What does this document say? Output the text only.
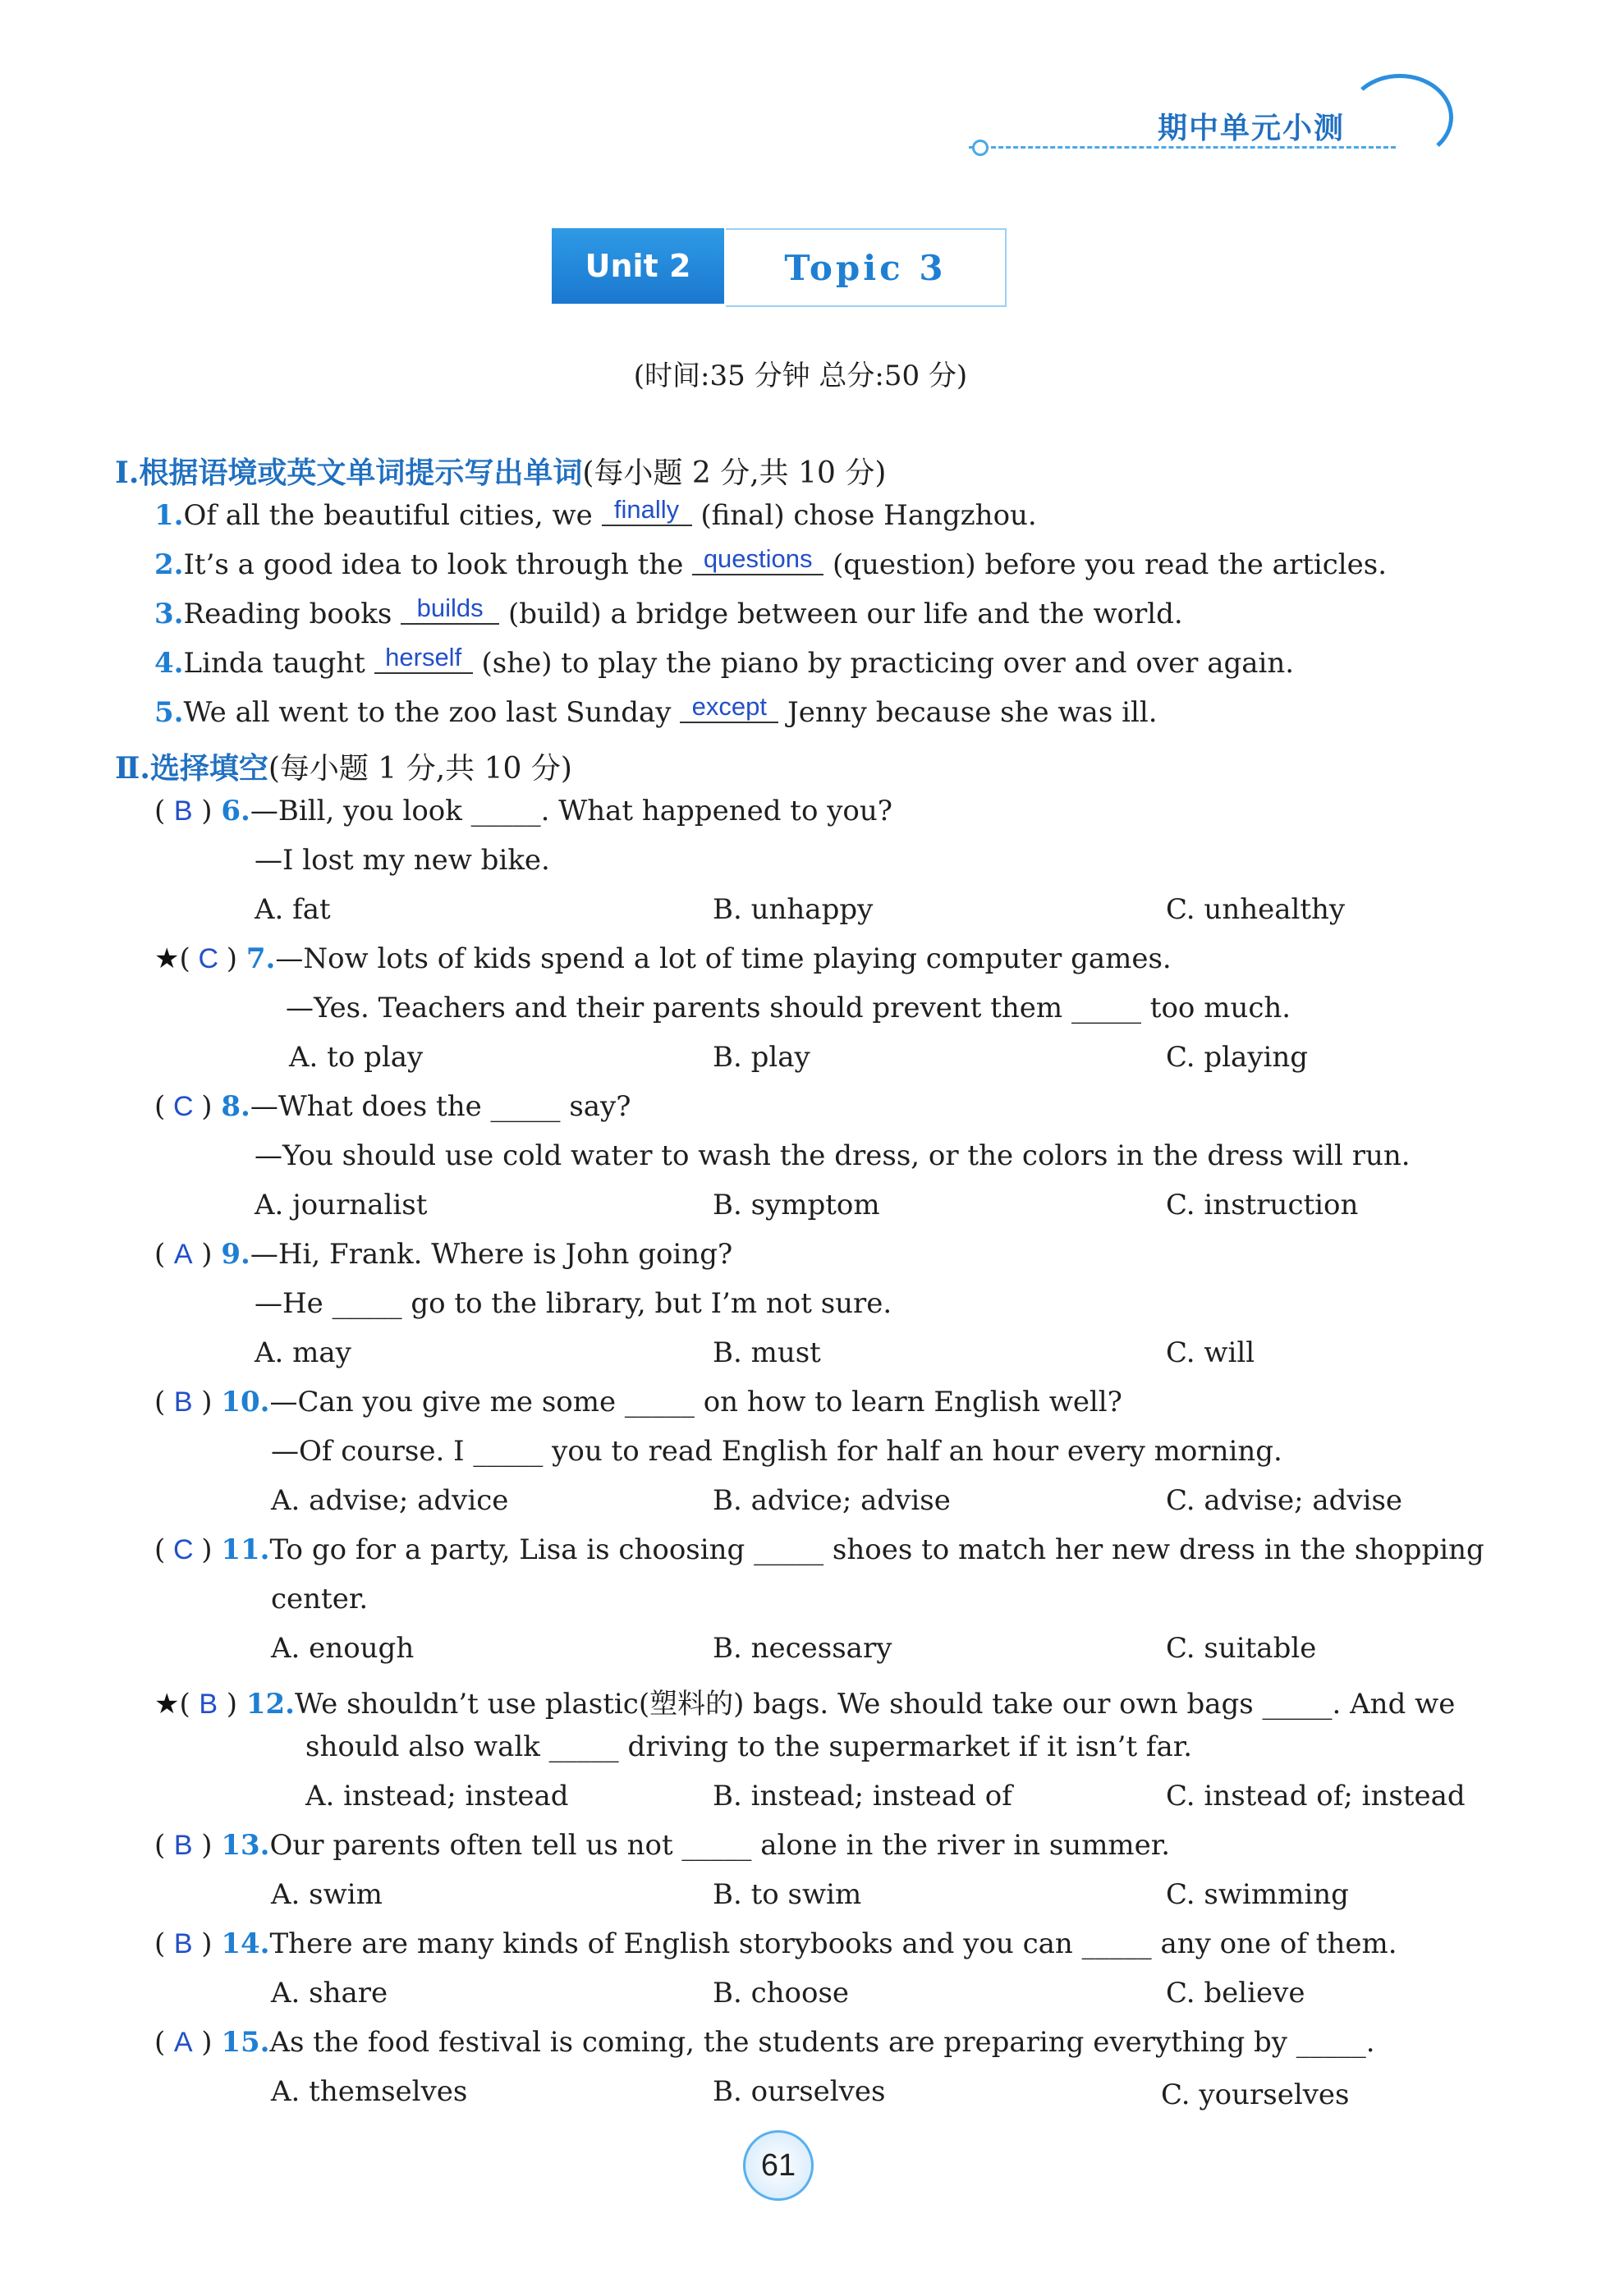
期中单元小测
Unit 2	Topic 3
(时间:35 分钟 总分:50 分)
Ⅰ.根据语境或英文单词提示写出单词(每小题 2 分,共 10 分)
1.Of all the beautiful cities, we finally (final) chose Hangzhou.
2.It’s a good idea to look through the questions (question) before you read the articles.
3.Reading books builds (build) a bridge between our life and the world.
4.Linda taught herself (she) to play the piano by practicing over and over again.
5.We all went to the zoo last Sunday except Jenny because she was ill.
Ⅱ.选择填空(每小题 1 分,共 10 分)
( B ) 6.—Bill, you look _____. What happened to you?
—I lost my new bike.
A. fat	B. unhappy	C. unhealthy
★( C ) 7.—Now lots of kids spend a lot of time playing computer games.
—Yes. Teachers and their parents should prevent them _____ too much.
A. to play	B. play	C. playing
( C ) 8.—What does the _____ say?
—You should use cold water to wash the dress, or the colors in the dress will run.
A. journalist	B. symptom	C. instruction
( A ) 9.—Hi, Frank. Where is John going?
—He _____ go to the library, but I’m not sure.
A. may	B. must	C. will
( B ) 10.—Can you give me some _____ on how to learn English well?
—Of course. I _____ you to read English for half an hour every morning.
A. advise; advice	B. advice; advise	C. advise; advise
( C ) 11.To go for a party, Lisa is choosing _____ shoes to match her new dress in the shopping
center.
A. enough	B. necessary	C. suitable
★( B ) 12.We shouldn’t use plastic(塑料的) bags. We should take our own bags _____. And we
should also walk _____ driving to the supermarket if it isn’t far.
A. instead; instead	B. instead; instead of	C. instead of; instead
( B ) 13.Our parents often tell us not _____ alone in the river in summer.
A. swim	B. to swim	C. swimming
( B ) 14.There are many kinds of English storybooks and you can _____ any one of them.
A. share	B. choose	C. believe
( A ) 15.As the food festival is coming, the students are preparing everything by _____.
A. themselves	B. ourselves	C. yourselves
61
